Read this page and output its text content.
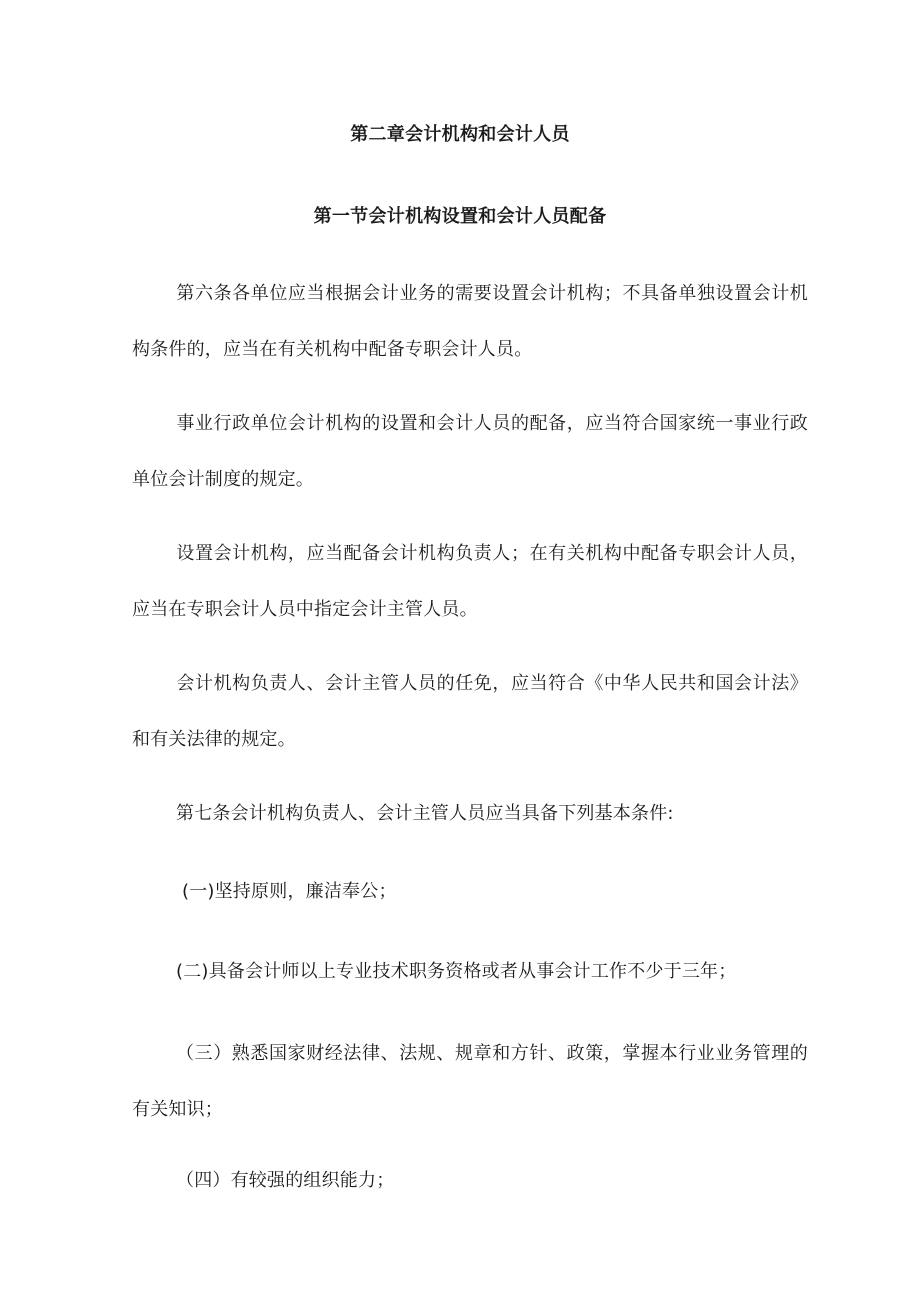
第二章会计机构和会计人员
第一节会计机构设置和会计人员配备
第六条各单位应当根据会计业务的需要设置会计机构；不具备单独设置会计机构条件的，应当在有关机构中配备专职会计人员。
事业行政单位会计机构的设置和会计人员的配备，应当符合国家统一事业行政单位会计制度的规定。
设置会计机构，应当配备会计机构负责人；在有关机构中配备专职会计人员，应当在专职会计人员中指定会计主管人员。
会计机构负责人、会计主管人员的任免，应当符合《中华人民共和国会计法》和有关法律的规定。
第七条会计机构负责人、会计主管人员应当具备下列基本条件:
(一)坚持原则，廉洁奉公；
(二)具备会计师以上专业技术职务资格或者从事会计工作不少于三年；
（三）熟悉国家财经法律、法规、规章和方针、政策，掌握本行业业务管理的有关知识；
（四）有较强的组织能力；
